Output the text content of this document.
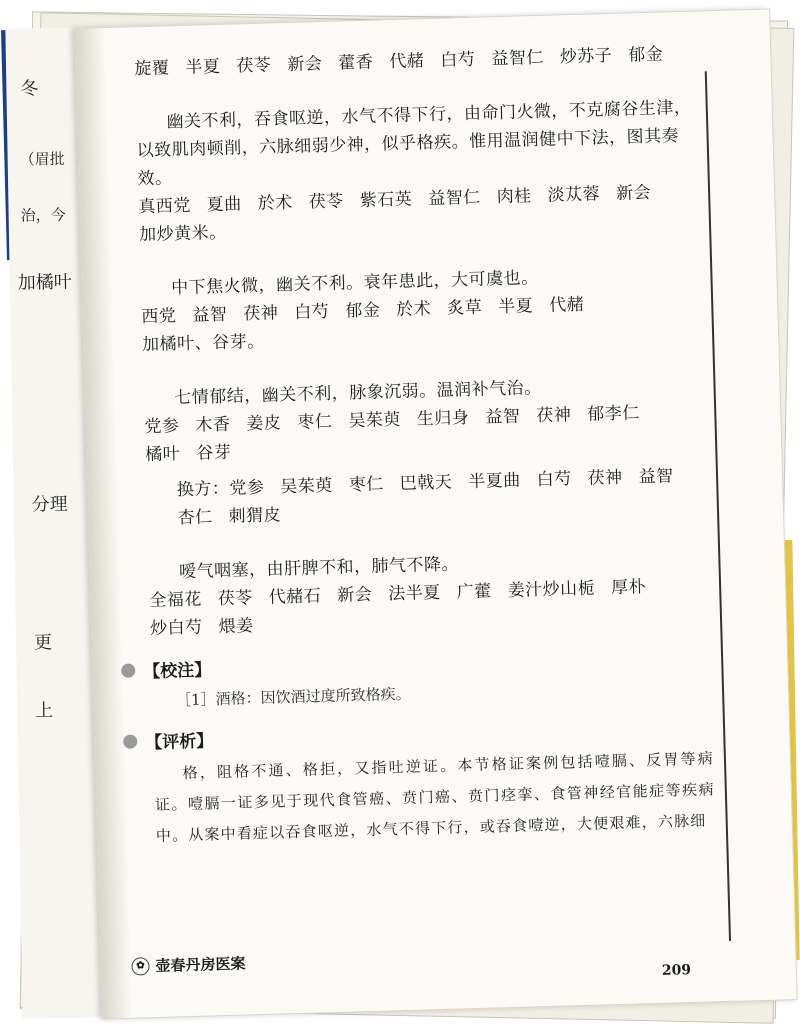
冬
（眉批
治，今
加橘叶
分理
更
上

旋覆 半夏 茯苓 新会 藿香 代赭 白芍 益智仁 炒苏子 郁金

幽关不利，吞食呕逆，水气不得下行，由命门火微，不克腐谷生津，以致肌肉顿削，六脉细弱少神，似乎格疾。惟用温润健中下法，图其奏效。

真西党 夏曲 於术 茯苓 紫石英 益智仁 肉桂 淡苁蓉 新会

加炒黄米。

中下焦火微，幽关不利。衰年患此，大可虞也。

西党 益智 茯神 白芍 郁金 於术 炙草 半夏 代赭

加橘叶、谷芽。

七情郁结，幽关不利，脉象沉弱。温润补气治。

党参 木香 姜皮 枣仁 吴茱萸 生归身 益智 茯神 郁李仁橘叶 谷芽

换方：党参 吴茱萸 枣仁 巴戟天 半夏曲 白芍 茯神 益智杏仁 刺猬皮

嗳气咽塞，由肝脾不和，肺气不降。

全福花 茯苓 代赭石 新会 法半夏 广藿 姜汁炒山栀 厚朴炒白芍 煨姜

【校注】

［1］酒格：因饮酒过度所致格疾。

【评析】

格，阻格不通、格拒，又指吐逆证。本节格证案例包括噎膈、反胃等病证。噎膈一证多见于现代食管癌、贲门癌、贲门痉挛、食管神经官能症等疾病中。从案中看症以吞食呕逆，水气不得下行，或吞食噎逆，大便艰难，六脉细

✿ 壶春丹房医案	209
